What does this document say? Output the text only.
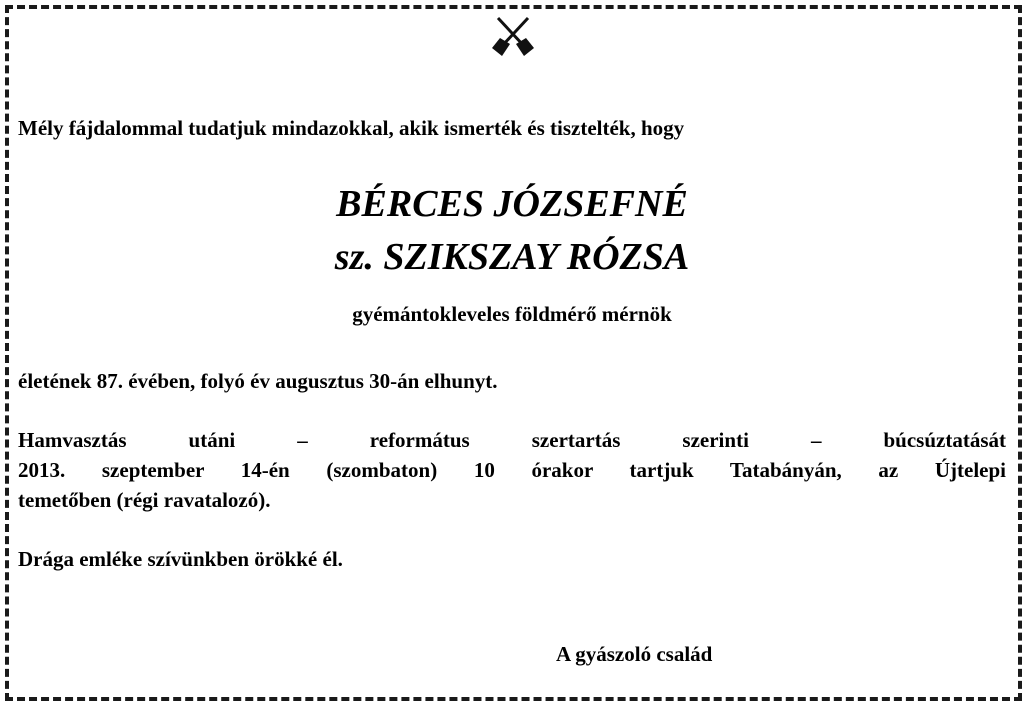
Mély fájdalommal tudatjuk mindazokkal, akik ismerték és tisztelték, hogy
BÉRCES JÓZSEFNÉ
sz. SZIKSZAY RÓZSA
gyémántokleveles földmérő mérnök
életének 87. évében, folyó év augusztus 30-án elhunyt.
Hamvasztás utáni – református szertartás szerinti – búcsúztatását
2013. szeptember 14-én (szombaton) 10 órakor tartjuk Tatabányán, az Újtelepi
temetőben (régi ravatalozó).
Drága emléke szívünkben örökké él.
A gyászoló család
